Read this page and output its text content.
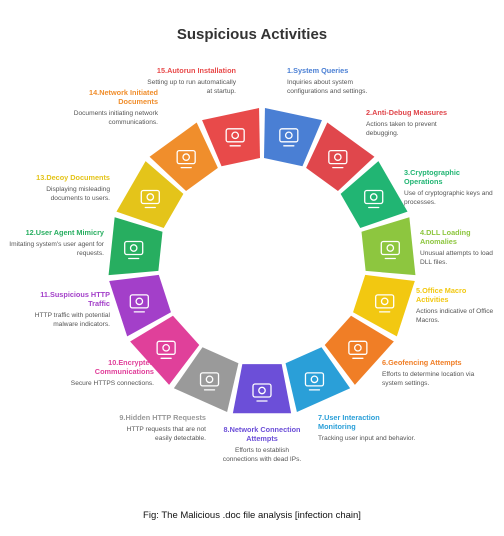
Suspicious Activities
1.System Queries
Inquiries about system configurations and settings.
2.Anti-Debug Measures
Actions taken to prevent debugging.
3.Cryptographic Operations
Use of cryptographic keys and processes.
4.DLL Loading Anomalies
Unusual attempts to load DLL files.
5.Office Macro Activities
Actions indicative of Office Macros.
6.Geofencing Attempts
Efforts to determine location via system settings.
7.User Interaction Monitoring
Tracking user input and behavior.
8.Network Connection Attempts
Efforts to establish connections with dead IPs.
9.Hidden HTTP Requests
HTTP requests that are not easily detectable.
10.Encrypted Communications
Secure HTTPS connections.
11.Suspicious HTTP Traffic
HTTP traffic with potential malware indicators.
12.User Agent Mimicry
Imitating system's user agent for requests.
13.Decoy Documents
Displaying misleading documents to users.
14.Network Initiated Documents
Documents initiating network communications.
15.Autorun Installation
Setting up to run automatically at startup.
Fig: The Malicious .doc file analysis [infection chain]
